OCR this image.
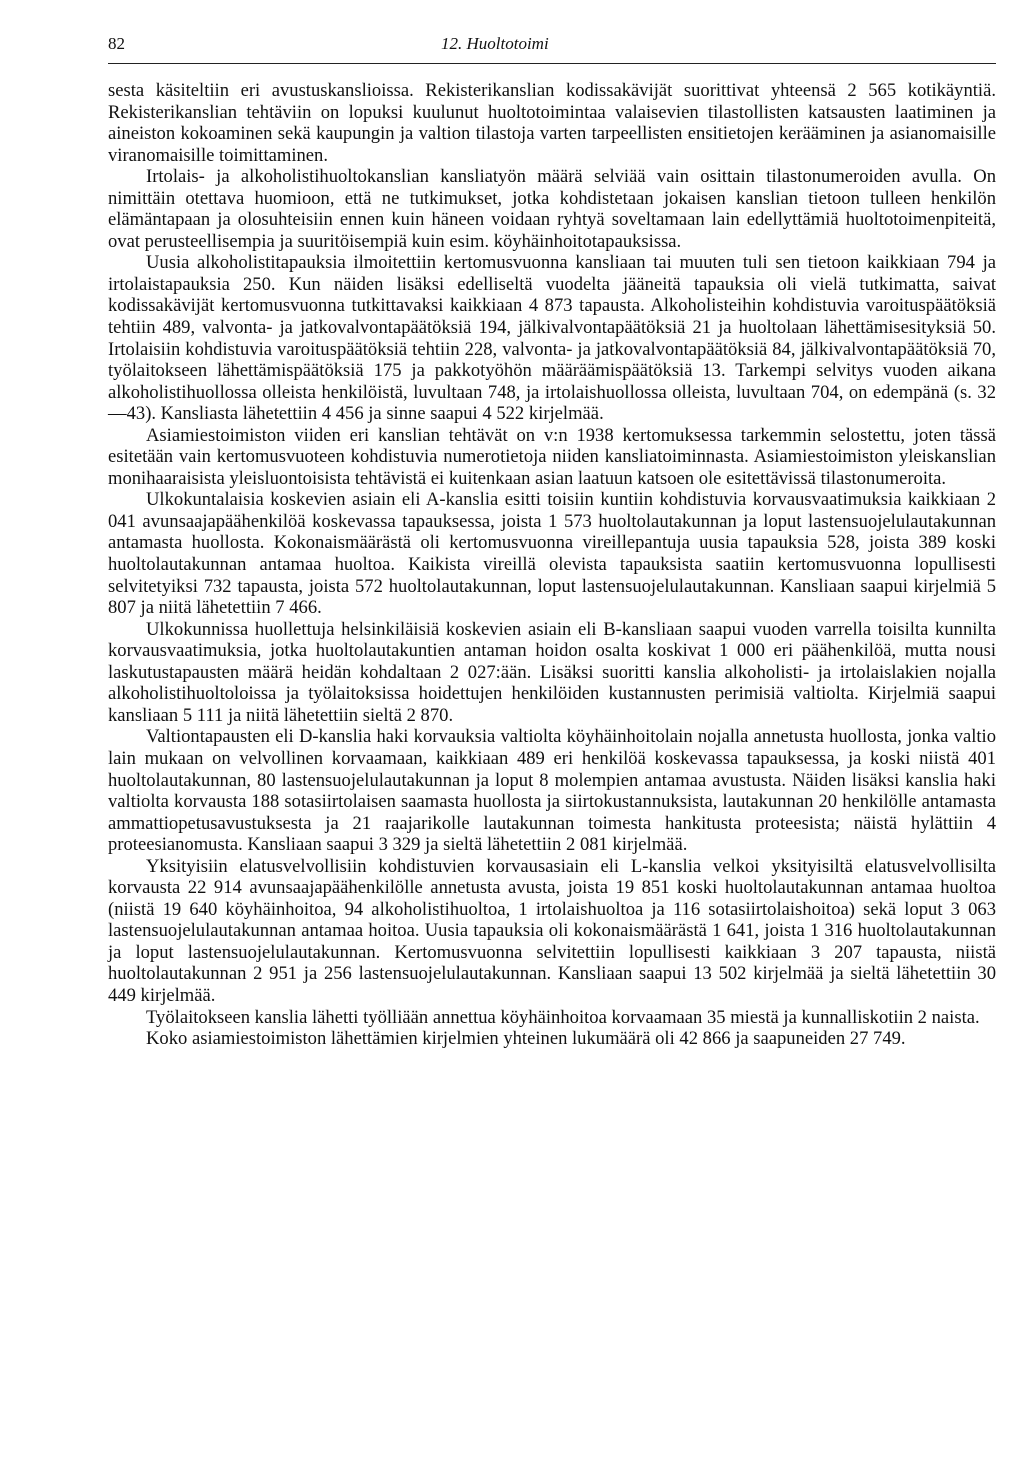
82	12. Huoltotoimi

sesta käsiteltiin eri avustuskanslioissa. Rekisterikanslian kodissakävijät suorittivat yhteensä 2 565 kotikäyntiä. Rekisterikanslian tehtäviin on lopuksi kuulunut huoltotoimintaa valaisevien tilastollisten katsausten laatiminen ja aineiston kokoaminen sekä kaupungin ja valtion tilastoja varten tarpeellisten ensitietojen kerääminen ja asianomaisille viranomaisille toimittaminen.

Irtolais- ja alkoholistihuoltokanslian kansliatyön määrä selviää vain osittain tilastonumeroiden avulla. On nimittäin otettava huomioon, että ne tutkimukset, jotka kohdistetaan jokaisen kanslian tietoon tulleen henkilön elämäntapaan ja olosuhteisiin ennen kuin häneen voidaan ryhtyä soveltamaan lain edellyttämiä huoltotoimenpiteitä, ovat perusteellisempia ja suuritöisempiä kuin esim. köyhäinhoitotapauksissa.

Uusia alkoholistitapauksia ilmoitettiin kertomusvuonna kansliaan tai muuten tuli sen tietoon kaikkiaan 794 ja irtolaistapauksia 250. Kun näiden lisäksi edelliseltä vuodelta jääneitä tapauksia oli vielä tutkimatta, saivat kodissakävijät kertomusvuonna tutkittavaksi kaikkiaan 4 873 tapausta. Alkoholisteihin kohdistuvia varoituspäätöksiä tehtiin 489, valvonta- ja jatkovalvontapäätöksiä 194, jälkivalvontapäätöksiä 21 ja huoltolaan lähettämisesityksiä 50. Irtolaisiin kohdistuvia varoituspäätöksiä tehtiin 228, valvonta- ja jatkovalvontapäätöksiä 84, jälkivalvontapäätöksiä 70, työlaitokseen lähettämispäätöksiä 175 ja pakkotyöhön määräämispäätöksiä 13. Tarkempi selvitys vuoden aikana alkoholistihuollossa olleista henkilöistä, luvultaan 748, ja irtolaishuollossa olleista, luvultaan 704, on edempänä (s. 32—43). Kansliasta lähetettiin 4 456 ja sinne saapui 4 522 kirjelmää.

Asiamiestoimiston viiden eri kanslian tehtävät on v:n 1938 kertomuksessa tarkemmin selostettu, joten tässä esitetään vain kertomusvuoteen kohdistuvia numerotietoja niiden kansliatoiminnasta. Asiamiestoimiston yleiskanslian monihaaraisista yleisluontoisista tehtävistä ei kuitenkaan asian laatuun katsoen ole esitettävissä tilastonumeroita.

Ulkokuntalaisia koskevien asiain eli A-kanslia esitti toisiin kuntiin kohdistuvia korvausvaatimuksia kaikkiaan 2 041 avunsaajapäähenkilöä koskevassa tapauksessa, joista 1 573 huoltolautakunnan ja loput lastensuojelulautakunnan antamasta huollosta. Kokonaismäärästä oli kertomusvuonna vireillepantuja uusia tapauksia 528, joista 389 koski huoltolautakunnan antamaa huoltoa. Kaikista vireillä olevista tapauksista saatiin kertomusvuonna lopullisesti selvitetyiksi 732 tapausta, joista 572 huoltolautakunnan, loput lastensuojelulautakunnan. Kansliaan saapui kirjelmiä 5 807 ja niitä lähetettiin 7 466.

Ulkokunnissa huollettuja helsinkiläisiä koskevien asiain eli B-kansliaan saapui vuoden varrella toisilta kunnilta korvausvaatimuksia, jotka huoltolautakuntien antaman hoidon osalta koskivat 1 000 eri päähenkilöä, mutta nousi laskutustapausten määrä heidän kohdaltaan 2 027:ään. Lisäksi suoritti kanslia alkoholisti- ja irtolaislakien nojalla alkoholistihuoltoloissa ja työlaitoksissa hoidettujen henkilöiden kustannusten perimisiä valtiolta. Kirjelmiä saapui kansliaan 5 111 ja niitä lähetettiin sieltä 2 870.

Valtiontapausten eli D-kanslia haki korvauksia valtiolta köyhäinhoitolain nojalla annetusta huollosta, jonka valtio lain mukaan on velvollinen korvaamaan, kaikkiaan 489 eri henkilöä koskevassa tapauksessa, ja koski niistä 401 huoltolautakunnan, 80 lastensuojelulautakunnan ja loput 8 molempien antamaa avustusta. Näiden lisäksi kanslia haki valtiolta korvausta 188 sotasiirtolaisen saamasta huollosta ja siirtokustannuksista, lautakunnan 20 henkilölle antamasta ammattiopetusavustuksesta ja 21 raajarikolle lautakunnan toimesta hankitusta proteesista; näistä hylättiin 4 proteesianomusta. Kansliaan saapui 3 329 ja sieltä lähetettiin 2 081 kirjelmää.

Yksityisiin elatusvelvollisiin kohdistuvien korvausasiain eli L-kanslia velkoi yksityisiltä elatusvelvollisilta korvausta 22 914 avunsaajapäähenkilölle annetusta avusta, joista 19 851 koski huoltolautakunnan antamaa huoltoa (niistä 19 640 köyhäinhoitoa, 94 alkoholistihuoltoa, 1 irtolaishuoltoa ja 116 sotasiirtolaishoitoa) sekä loput 3 063 lastensuojelulautakunnan antamaa hoitoa. Uusia tapauksia oli kokonaismäärästä 1 641, joista 1 316 huoltolautakunnan ja loput lastensuojelulautakunnan. Kertomusvuonna selvitettiin lopullisesti kaikkiaan 3 207 tapausta, niistä huoltolautakunnan 2 951 ja 256 lastensuojelulautakunnan. Kansliaan saapui 13 502 kirjelmää ja sieltä lähetettiin 30 449 kirjelmää.

Työlaitokseen kanslia lähetti työlliään annettua köyhäinhoitoa korvaamaan 35 miestä ja kunnalliskotiin 2 naista.

Koko asiamiestoimiston lähettämien kirjelmien yhteinen lukumäärä oli 42 866 ja saapuneiden 27 749.
